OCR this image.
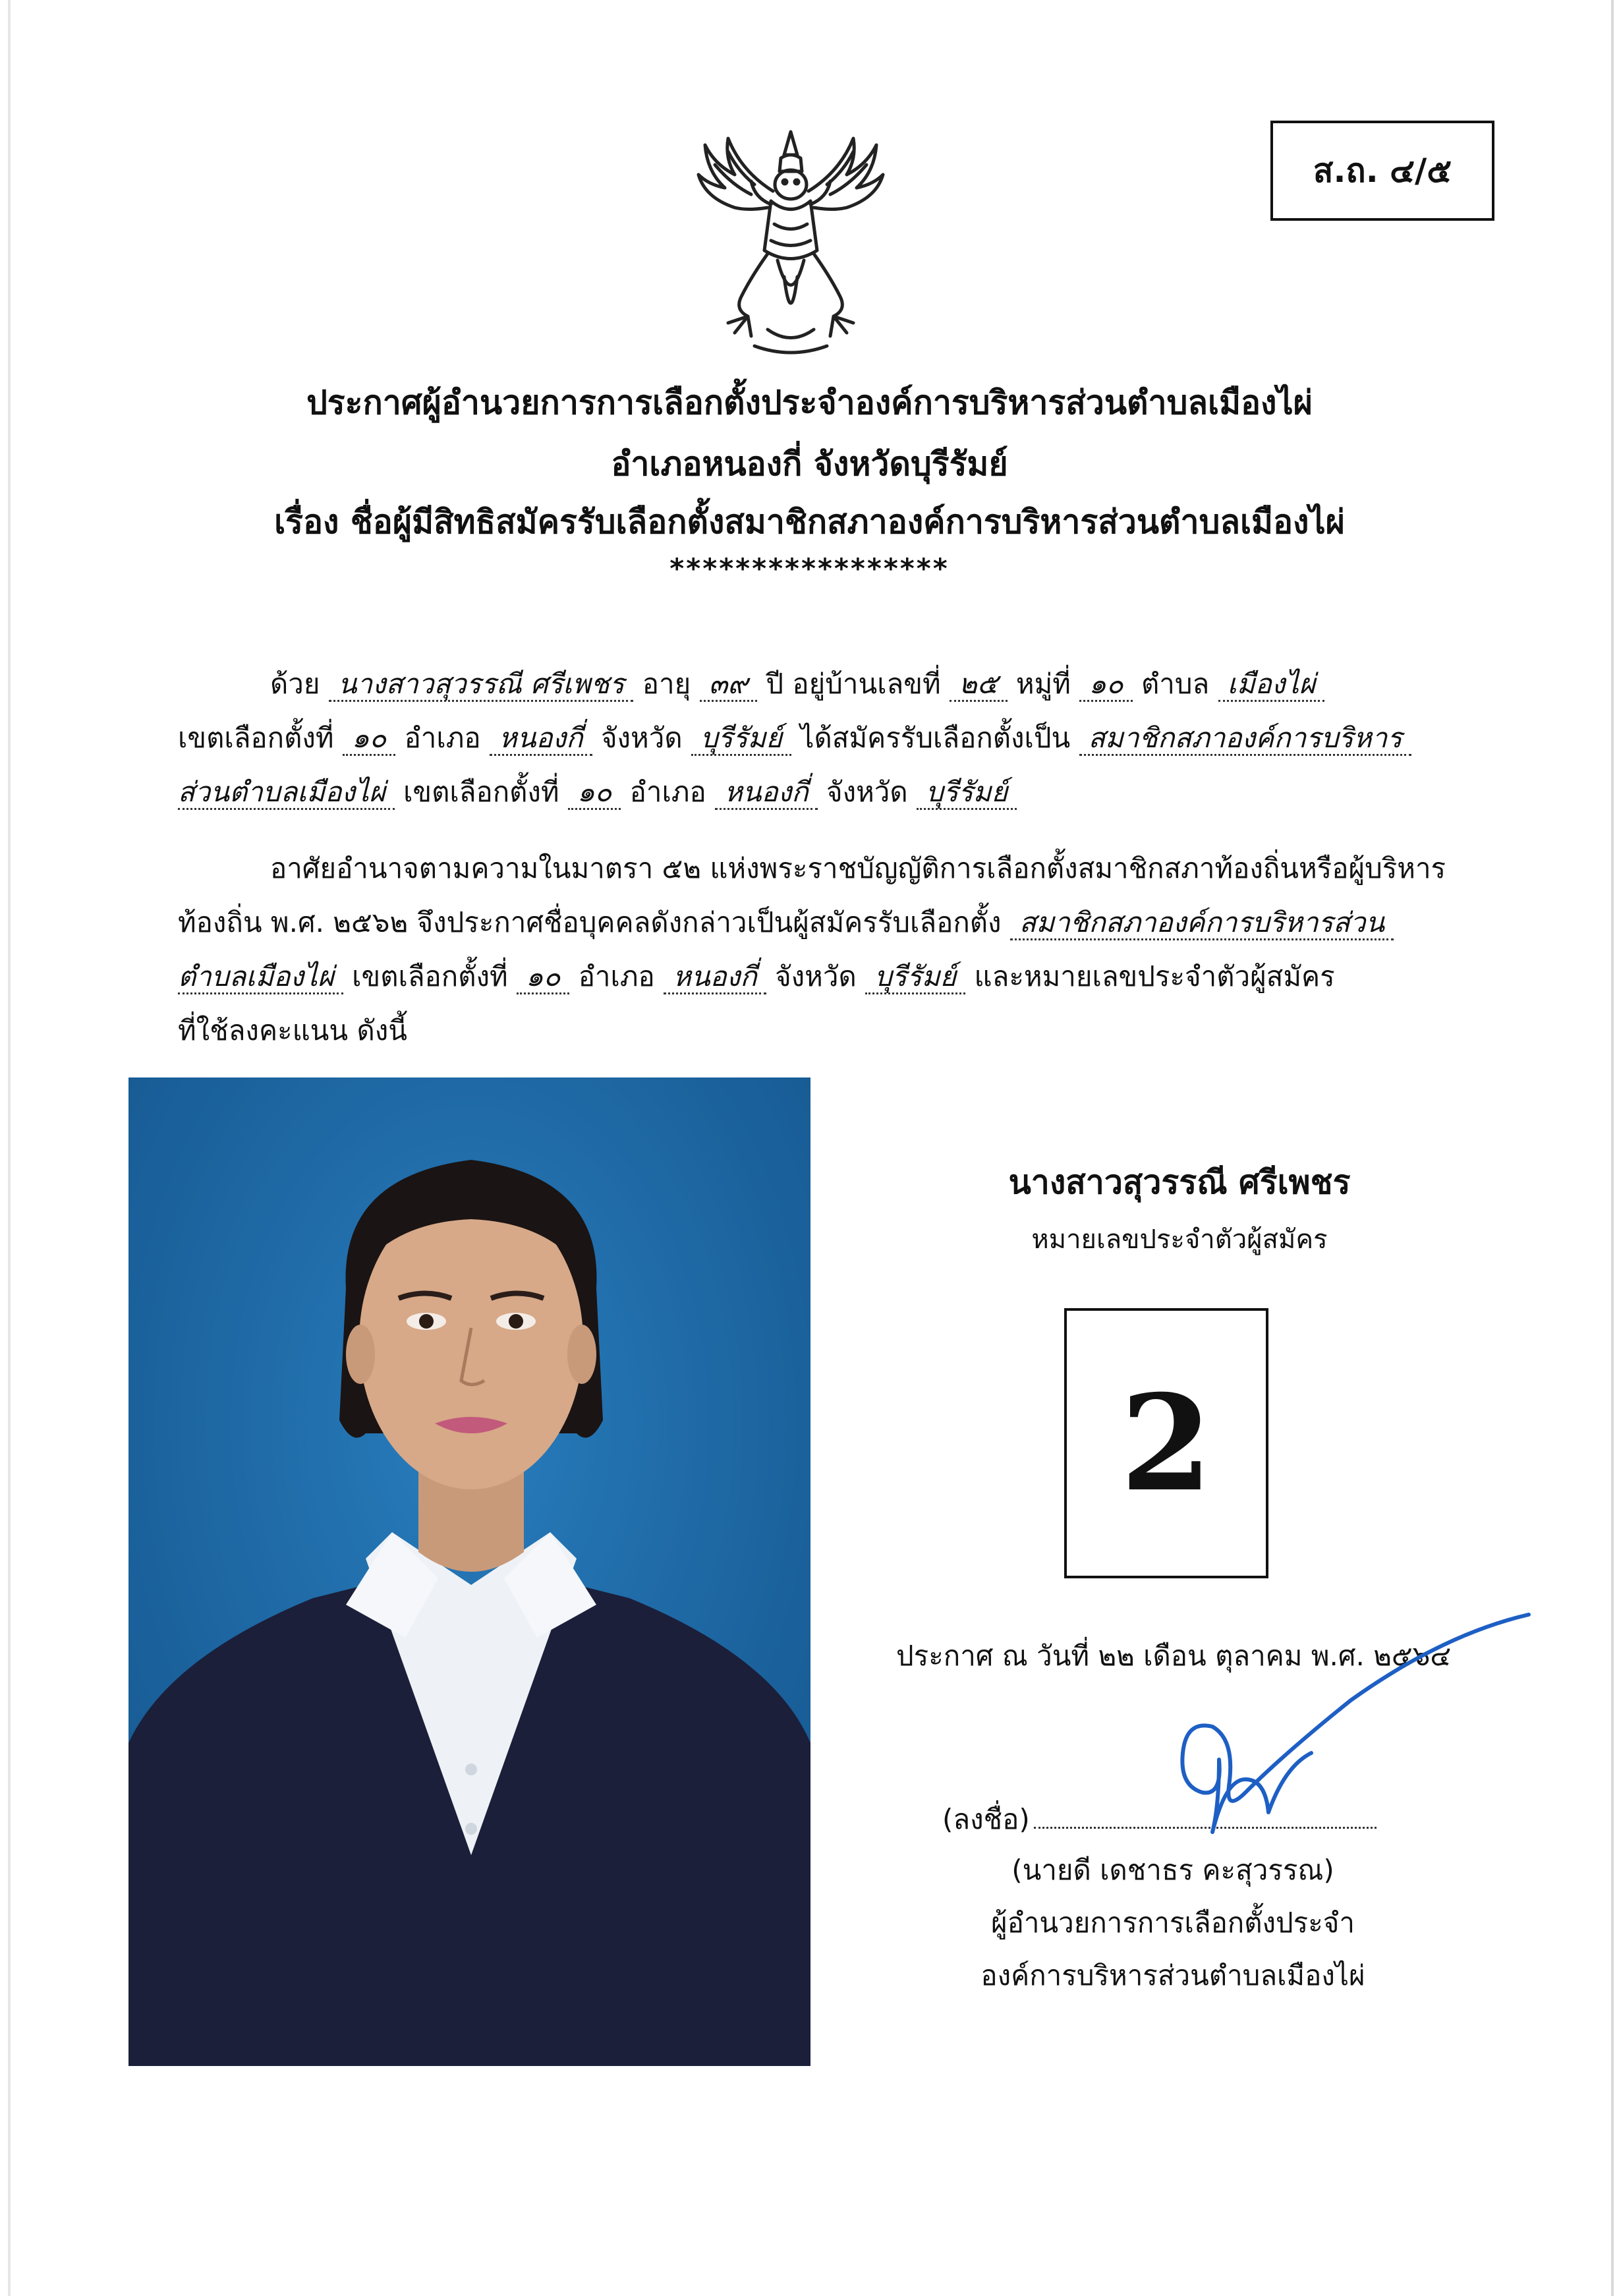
ส.ถ. ๔/๕
ประกาศผู้อำนวยการการเลือกตั้งประจำองค์การบริหารส่วนตำบลเมืองไผ่
อำเภอหนองกี่ จังหวัดบุรีรัมย์
เรื่อง ชื่อผู้มีสิทธิสมัครรับเลือกตั้งสมาชิกสภาองค์การบริหารส่วนตำบลเมืองไผ่
*****************
ด้วย นางสาวสุวรรณี ศรีเพชร อายุ ๓๙ ปี อยู่บ้านเลขที่ ๒๕ หมู่ที่ ๑๐ ตำบล เมืองไผ่
เขตเลือกตั้งที่ ๑๐ อำเภอ หนองกี่ จังหวัด บุรีรัมย์ ได้สมัครรับเลือกตั้งเป็น สมาชิกสภาองค์การบริหาร
ส่วนตำบลเมืองไผ่ เขตเลือกตั้งที่ ๑๐ อำเภอ หนองกี่ จังหวัด บุรีรัมย์
อาศัยอำนาจตามความในมาตรา ๕๒ แห่งพระราชบัญญัติการเลือกตั้งสมาชิกสภาท้องถิ่นหรือผู้บริหาร
ท้องถิ่น พ.ศ. ๒๕๖๒ จึงประกาศชื่อบุคคลดังกล่าวเป็นผู้สมัครรับเลือกตั้ง สมาชิกสภาองค์การบริหารส่วน
ตำบลเมืองไผ่ เขตเลือกตั้งที่ ๑๐ อำเภอ หนองกี่ จังหวัด บุรีรัมย์ และหมายเลขประจำตัวผู้สมัคร
ที่ใช้ลงคะแนน ดังนี้
นางสาวสุวรรณี ศรีเพชร
หมายเลขประจำตัวผู้สมัคร
2
ประกาศ ณ วันที่ ๒๒ เดือน ตุลาคม พ.ศ. ๒๕๖๔
(ลงชื่อ)
(นายดี เดชาธร คะสุวรรณ)
ผู้อำนวยการการเลือกตั้งประจำ
องค์การบริหารส่วนตำบลเมืองไผ่
